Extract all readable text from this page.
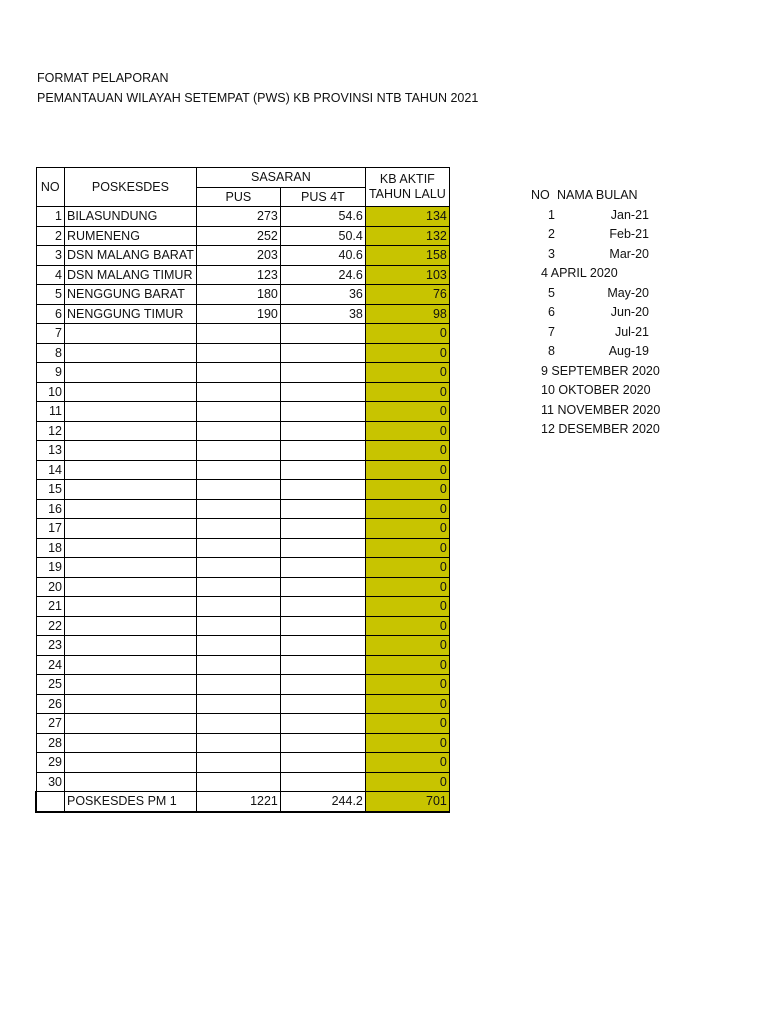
FORMAT PELAPORAN
PEMANTAUAN WILAYAH SETEMPAT (PWS) KB PROVINSI NTB TAHUN 2021
NO	POSKESDES	SASARAN		KB AKTIF
TAHUN LALU

		PUS	PUS 4T	
1	BILASUNDUNG	273	54.6	134
2	RUMENENG	252	50.4	132
3	DSN MALANG BARAT	203	40.6	158
4	DSN MALANG TIMUR	123	24.6	103
5	NENGGUNG BARAT	180	36	76
6	NENGGUNG TIMUR	190	38	98
7				0
8				0
9				0
10				0
11				0
12				0
13				0
14				0
15				0
16				0
17				0
18				0
19				0
20				0
21				0
22				0
23				0
24				0
25				0
26				0
27				0
28				0
29				0
30				0
	POSKESDES PM 1	1221	244.2	701
NO NAMA BULAN
1	Jan-21
2	Feb-21
3	Mar-20
4 APRIL 2020
5	May-20
6	Jun-20
7	Jul-21
8	Aug-19
9 SEPTEMBER 2020
10 OKTOBER 2020
11 NOVEMBER 2020
12 DESEMBER 2020
